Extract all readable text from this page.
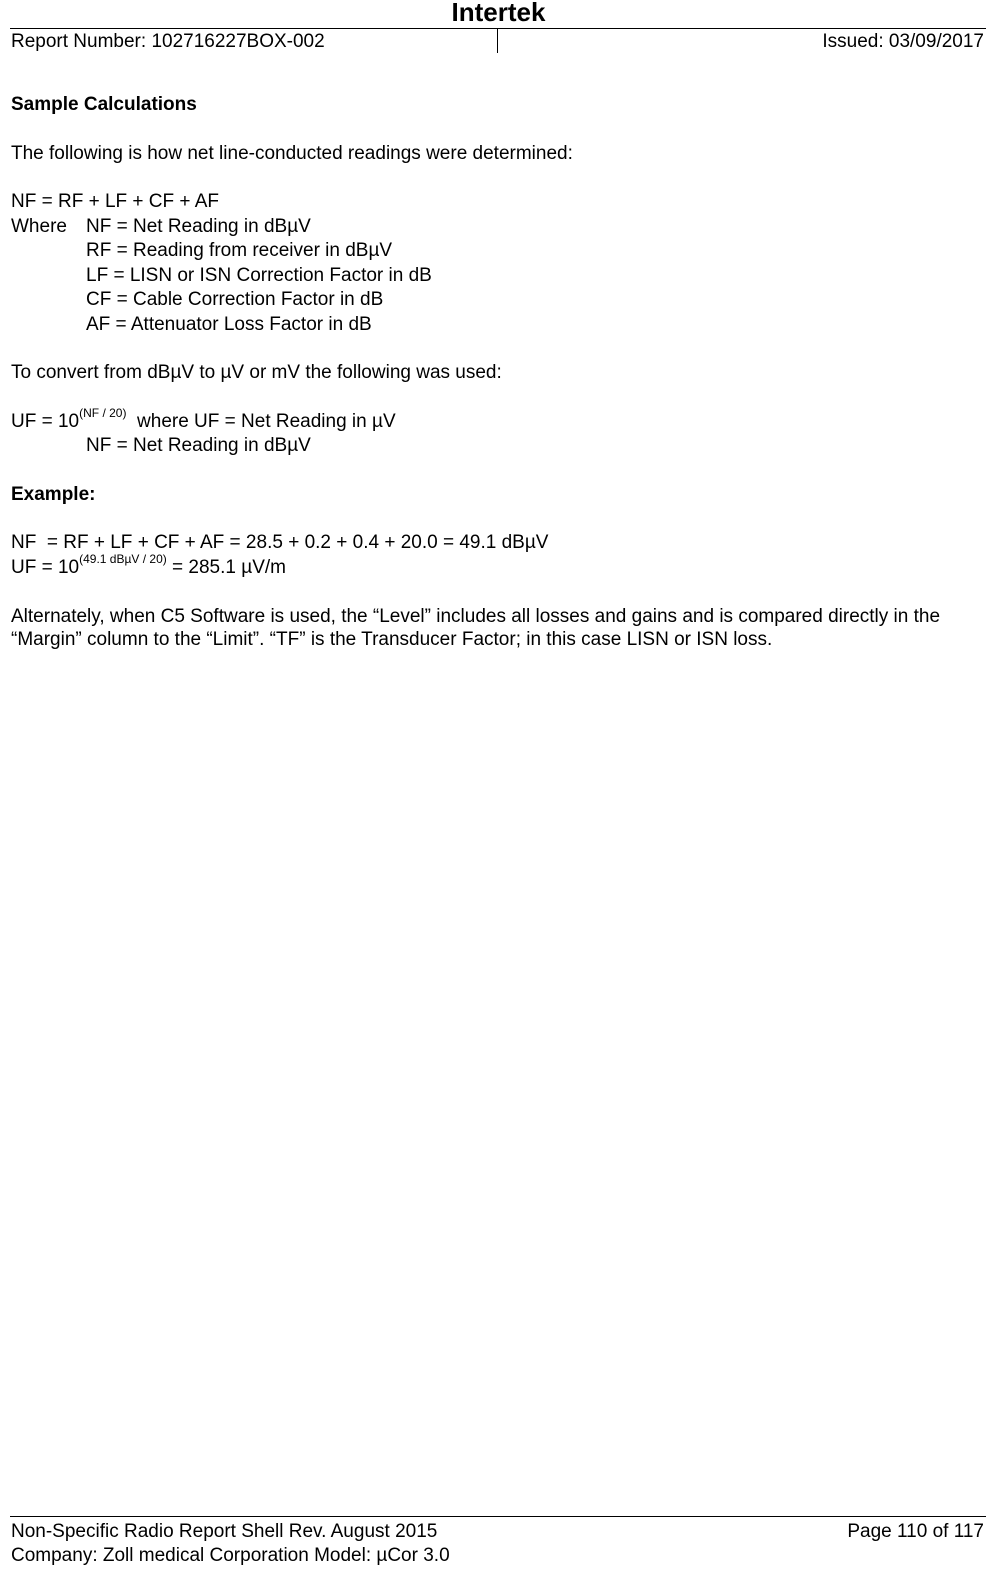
Intertek
Report Number: 102716227BOX-002	Issued: 03/09/2017
Sample Calculations
The following is how net line-conducted readings were determined:
NF = RF + LF + CF + AF
Where NF = Net Reading in dBµV
RF = Reading from receiver in dBµV
LF = LISN or ISN Correction Factor in dB
CF = Cable Correction Factor in dB
AF = Attenuator Loss Factor in dB
To convert from dBµV to µV or mV the following was used:
UF = $10^{(NF / 20)}$  where UF = Net Reading in µV
NF = Net Reading in dBµV
Example:
NF  = RF + LF + CF + AF = 28.5 + 0.2 + 0.4 + 20.0 = 49.1 dBµV
UF = $10^{(49.1 dB\mu V / 20)} = 285.1$ µV/m
Alternately, when C5 Software is used, the “Level” includes all losses and gains and is compared directly in the “Margin” column to the “Limit”. “TF” is the Transducer Factor; in this case LISN or ISN loss.
Non-Specific Radio Report Shell Rev. August 2015	Page 110 of 117
Company: Zoll medical Corporation Model: µCor 3.0
